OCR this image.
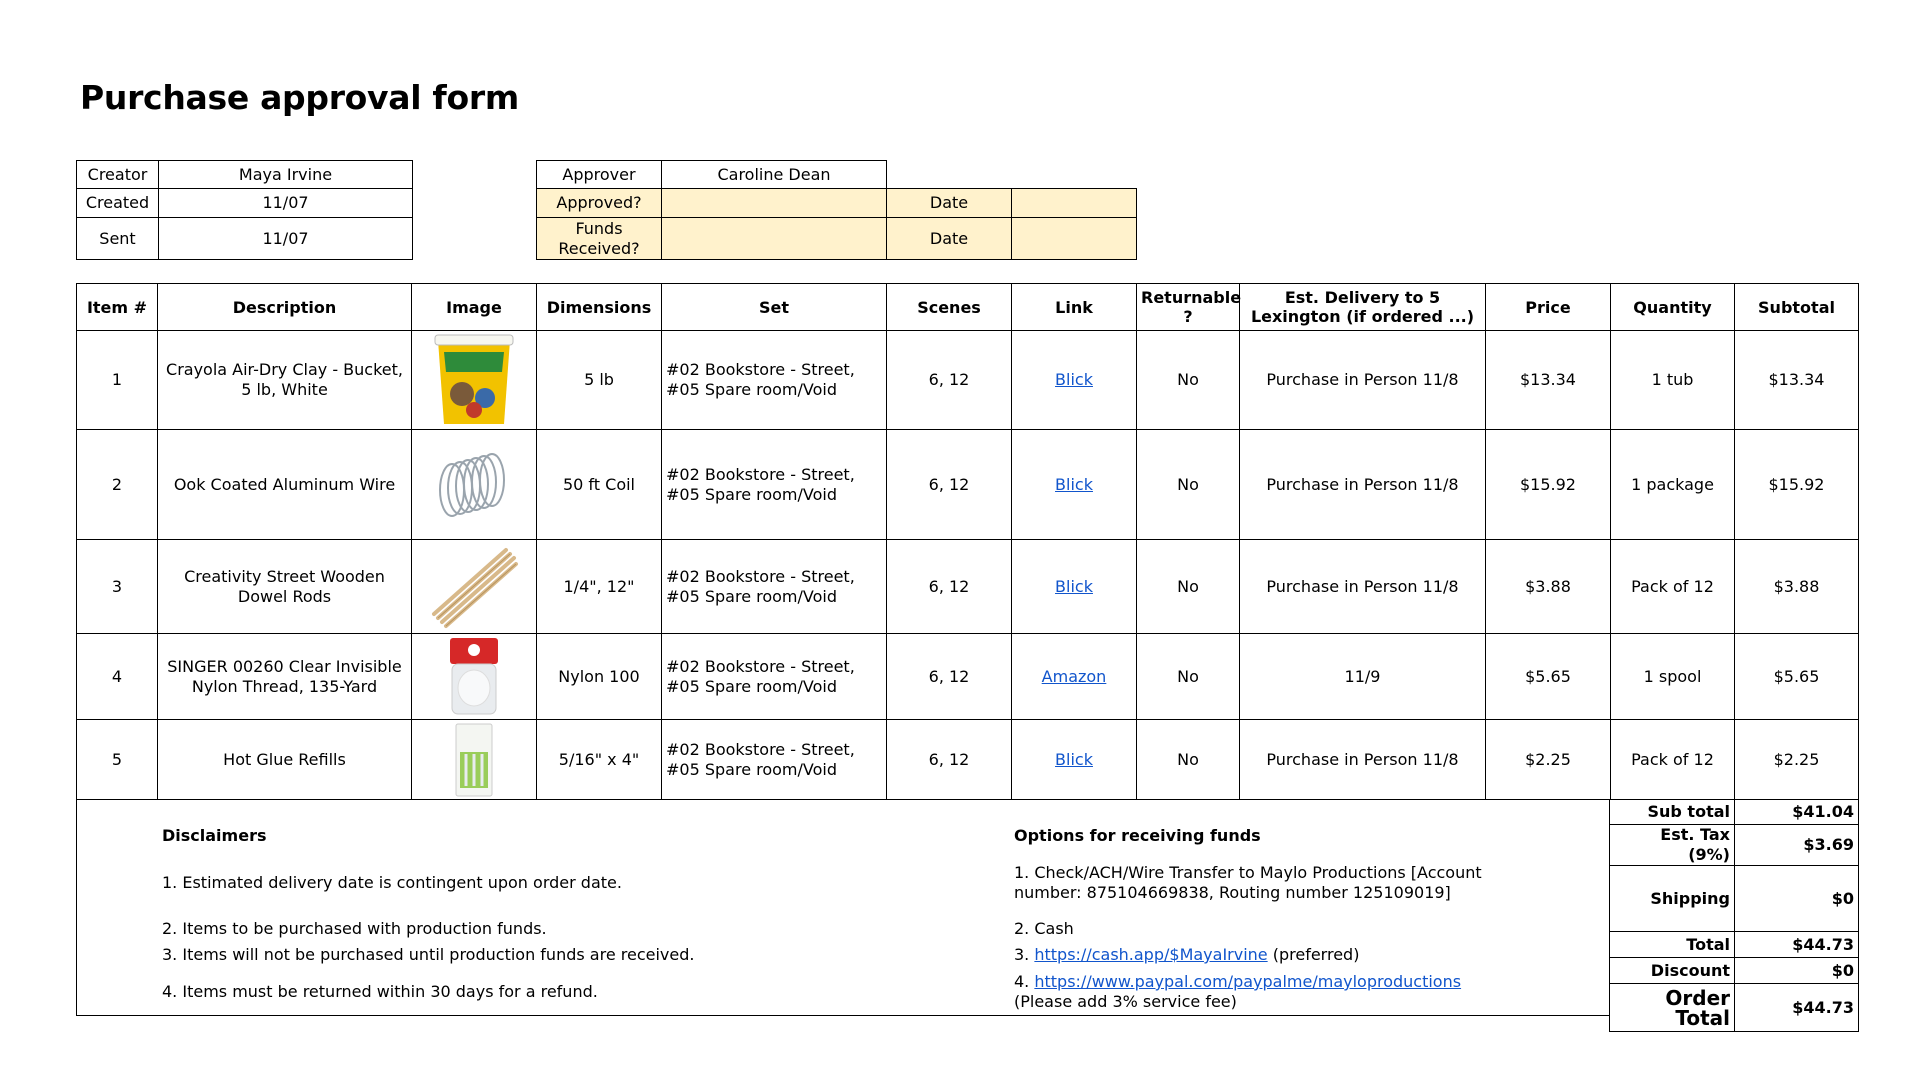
Purchase approval form
Creator	Maya Irvine
Created	11/07
Sent	11/07
Approver	Caroline Dean		
Approved?		Date	
Funds Received?		Date	
Item #	Description	Image	Dimensions	Set	Scenes	Link	Returnable ?	Est. Delivery to 5 Lexington (if ordered ...)	Price	Quantity	Subtotal
1	Crayola Air-Dry Clay - Bucket, 5 lb, White		5 lb	#02 Bookstore - Street, #05 Spare room/Void	6, 12	Blick	No	Purchase in Person 11/8	$13.34	1 tub	$13.34
2	Ook Coated Aluminum Wire		50 ft Coil	#02 Bookstore - Street, #05 Spare room/Void	6, 12	Blick	No	Purchase in Person 11/8	$15.92	1 package	$15.92
3	Creativity Street Wooden Dowel Rods		1/4", 12"	#02 Bookstore - Street, #05 Spare room/Void	6, 12	Blick	No	Purchase in Person 11/8	$3.88	Pack of 12	$3.88
4	SINGER 00260 Clear Invisible Nylon Thread, 135-Yard		Nylon 100	#02 Bookstore - Street, #05 Spare room/Void	6, 12	Amazon	No	11/9	$5.65	1 spool	$5.65
5	Hot Glue Refills		5/16" x 4"	#02 Bookstore - Street, #05 Spare room/Void	6, 12	Blick	No	Purchase in Person 11/8	$2.25	Pack of 12	$2.25
Disclaimers
1. Estimated delivery date is contingent upon order date.
2. Items to be purchased with production funds.
3. Items will not be purchased until production funds are received.
4. Items must be returned within 30 days for a refund.
Options for receiving funds
1. Check/ACH/Wire Transfer to Maylo Productions [Account number: 875104669838, Routing number 125109019]
2. Cash
3. https://cash.app/$MayaIrvine (preferred)
4. https://www.paypal.com/paypalme/mayloproductions
(Please add 3% service fee)
Sub total	$41.04
Est. Tax (9%)	$3.69
Shipping	$0
Total	$44.73
Discount	$0
Order Total	$44.73
